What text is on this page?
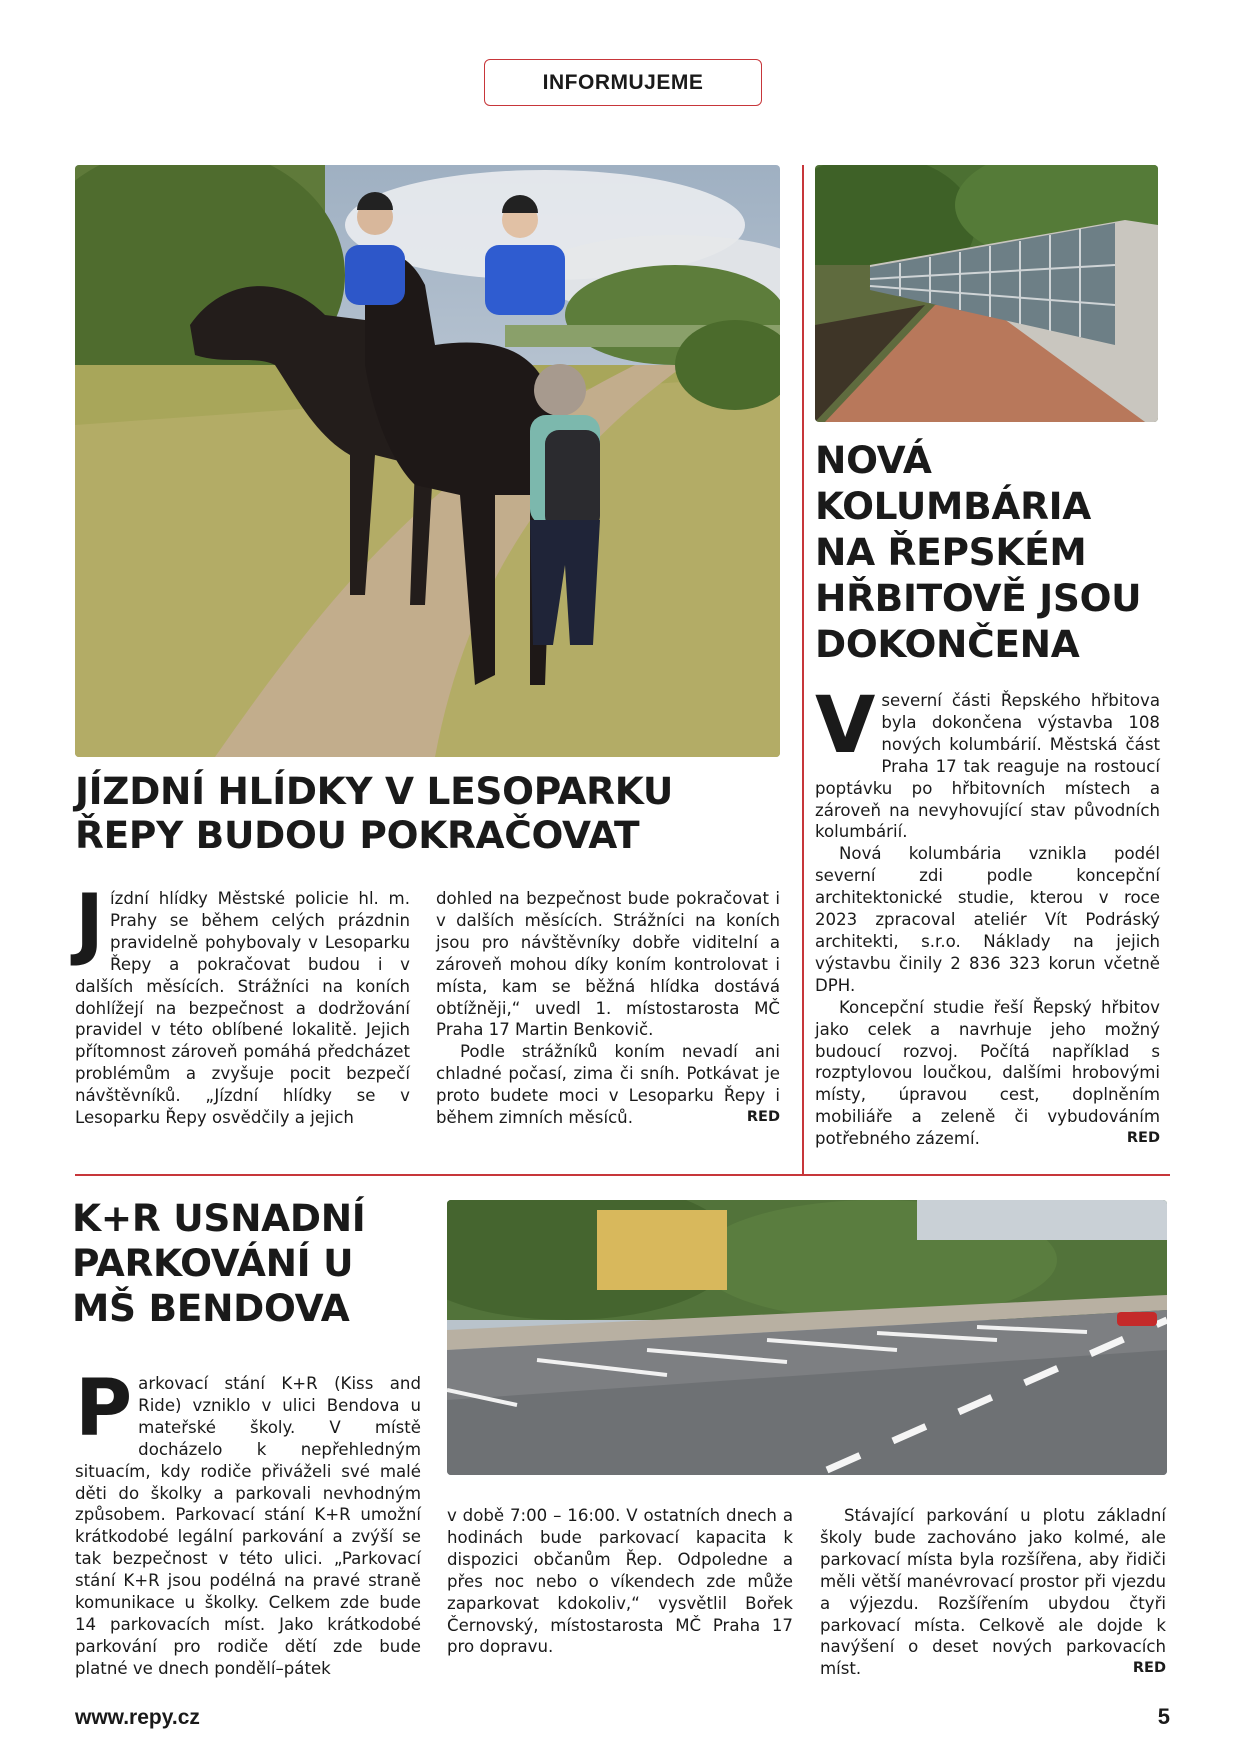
INFORMUJEME
JÍZDNÍ HLÍDKY V LESOPARKU ŘEPY BUDOU POKRAČOVAT
J ízdní hlídky Městské policie hl. m. Prahy se během celých prázdnin pravidelně pohybovaly v Lesoparku Řepy a pokračovat budou i v dalších měsících. Strážníci na koních dohlížejí na bezpečnost a dodržování pravidel v této oblíbené lokalitě. Jejich přítomnost zároveň pomáhá předcházet problémům a zvyšuje pocit bezpečí návštěvníků. „Jízdní hlídky se v Lesoparku Řepy osvědčily a jejich

dohled na bezpečnost bude pokračovat i v dalších měsících. Strážníci na koních jsou pro návštěvníky dobře viditelní a zároveň mohou díky koním kontrolovat i místa, kam se běžná hlídka dostává obtížněji,“ uvedl 1. místostarosta MČ Praha 17 Martin Benkovič.

Podle strážníků koním nevadí ani chladné počasí, zima či sníh. Potkávat je proto budete moci v Lesoparku Řepy i během zimních měsíců.	RED

NOVÁ KOLUMBÁRIA NA ŘEPSKÉM HŘBITOVĚ JSOU DOKONČENA

Vseverní části Řepského hřbitova byla dokončena výstavba 108 nových kolumbárií. Městská část Praha 17 tak reaguje na rostoucí poptávku po hřbitovních místech a zároveň na nevyhovující stav původních kolumbárií.

Nová kolumbária vznikla podél severní zdi podle koncepční architektonické studie, kterou v roce 2023 zpracoval ateliér Vít Podráský architekti, s.r.o. Náklady na jejich výstavbu činily 2 836 323 korun včetně DPH.

Koncepční studie řeší Řepský hřbitov jako celek a navrhuje jeho možný budoucí rozvoj. Počítá například s rozptylovou loučkou, dalšími hrobovými místy, úpravou cest, doplněním mobiliáře a zeleně či vybudováním potřebného zázemí.	RED

K+R USNADNÍ PARKOVÁNÍ U MŠ BENDOVA
P arkovací stání K+R (Kiss and Ride) vzniklo v ulici Bendova u mateřské školy. V místě docházelo k nepřehledným situacím, kdy rodiče přiváželi své malé děti do školky a parkovali nevhodným způsobem. Parkovací stání K+R umožní krátkodobé legální parkování a zvýší se tak bezpečnost v této ulici. „Parkovací stání K+R jsou podélná na pravé straně komunikace u školky. Celkem zde bude 14 parkovacích míst. Jako krátkodobé parkování pro rodiče dětí zde bude platné ve dnech pondělí–pátek

v době 7:00 – 16:00. V ostatních dnech a hodinách bude parkovací kapacita k dispozici občanům Řep. Odpoledne a přes noc nebo o víkendech zde může zaparkovat kdokoliv,“ vysvětlil Bořek Černovský, místostarosta MČ Praha 17 pro dopravu.

Stávající parkování u plotu základní školy bude zachováno jako kolmé, ale parkovací místa byla rozšířena, aby řidiči měli větší manévrovací prostor při vjezdu a výjezdu. Rozšířením ubydou čtyři parkovací místa. Celkově ale dojde k navýšení o deset nových parkovacích míst.	RED

www.repy.cz	5
